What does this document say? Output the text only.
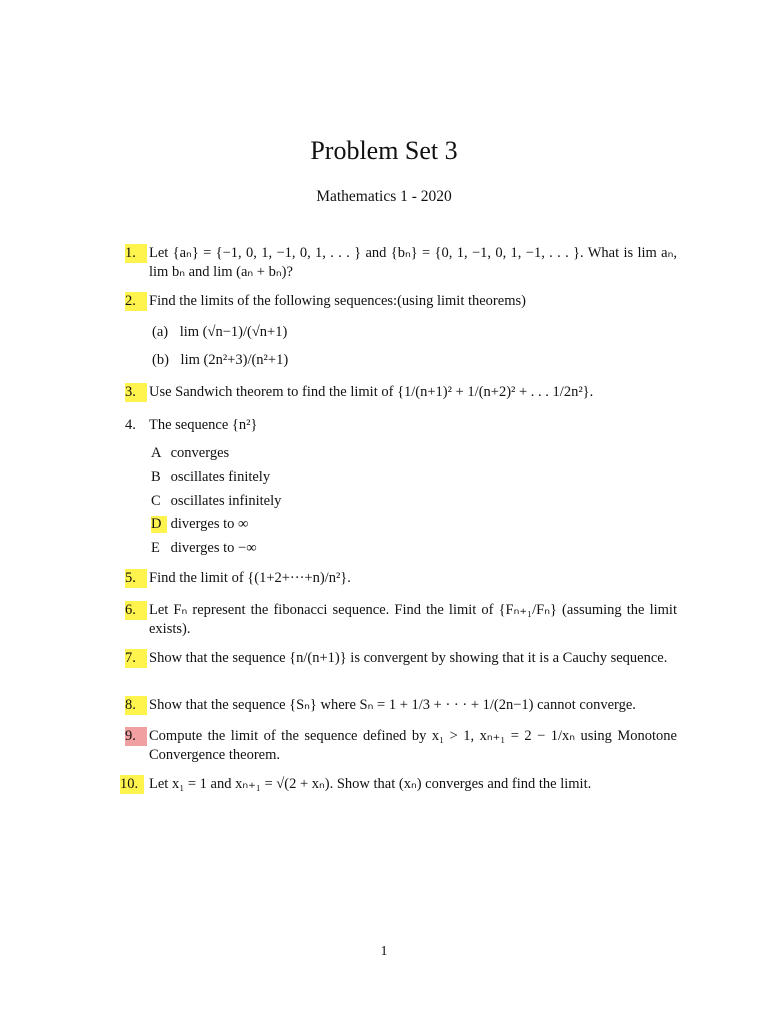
Problem Set 3
Mathematics 1 - 2020
1. Let {aₙ} = {−1, 0, 1, −1, 0, 1, . . . } and {bₙ} = {0, 1, −1, 0, 1, −1, . . . }. What is lim aₙ, lim bₙ and lim (aₙ + bₙ)?
2. Find the limits of the following sequences:(using limit theorems)
(a) lim (√n−1)/(√n+1)
(b) lim (2n²+3)/(n²+1)
3. Use Sandwich theorem to find the limit of {1/(n+1)² + 1/(n+2)² + . . . 1/2n²}.
4. The sequence {n²}
A converges
B oscillates finitely
C oscillates infinitely
D diverges to ∞
E diverges to −∞
5. Find the limit of {(1+2+···+n)/n²}.
6. Let Fₙ represent the fibonacci sequence. Find the limit of {Fₙ₊₁/Fₙ} (assuming the limit exists).
7. Show that the sequence {n/(n+1)} is convergent by showing that it is a Cauchy sequence.
8. Show that the sequence {Sₙ} where Sₙ = 1 + 1/3 + · · · + 1/(2n−1) cannot converge.
9. Compute the limit of the sequence defined by x₁ > 1, xₙ₊₁ = 2 − 1/xₙ using Monotone Convergence theorem.
10. Let x₁ = 1 and xₙ₊₁ = √(2 + xₙ). Show that (xₙ) converges and find the limit.
1
